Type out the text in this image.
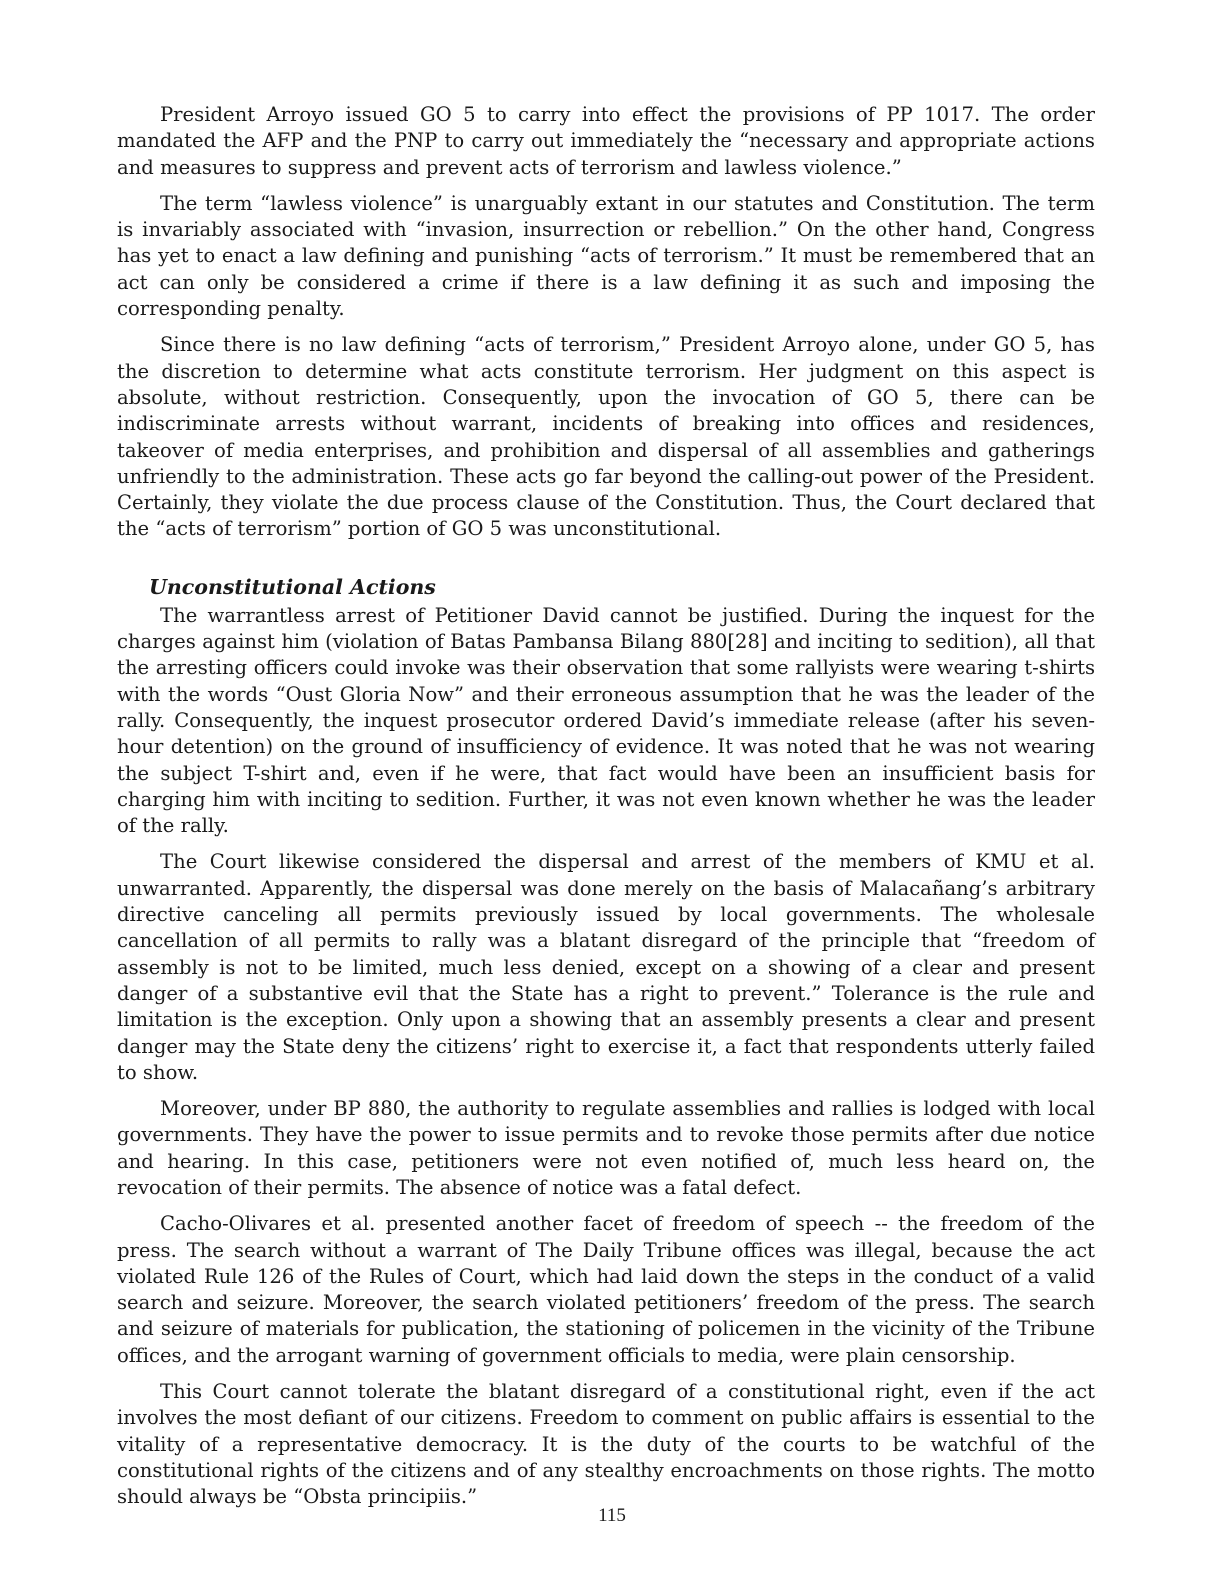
President Arroyo issued GO 5 to carry into effect the provisions of PP 1017. The order mandated the AFP and the PNP to carry out immediately the “necessary and appropriate actions and measures to suppress and prevent acts of terrorism and lawless violence.”

The term “lawless violence” is unarguably extant in our statutes and Constitution. The term is invariably associated with “invasion, insurrection or rebellion.” On the other hand, Congress has yet to enact a law defining and punishing “acts of terrorism.” It must be remembered that an act can only be considered a crime if there is a law defining it as such and imposing the corresponding penalty.

Since there is no law defining “acts of terrorism,” President Arroyo alone, under GO 5, has the discretion to determine what acts constitute terrorism. Her judgment on this aspect is absolute, without restriction. Consequently, upon the invocation of GO 5, there can be indiscriminate arrests without warrant, incidents of breaking into offices and residences, takeover of media enterprises, and prohibition and dispersal of all assemblies and gatherings unfriendly to the administration. These acts go far beyond the calling-out power of the President. Certainly, they violate the due process clause of the Constitution. Thus, the Court declared that the “acts of terrorism” portion of GO 5 was unconstitutional.

Unconstitutional Actions

The warrantless arrest of Petitioner David cannot be justified. During the inquest for the charges against him (violation of Batas Pambansa Bilang 880[28] and inciting to sedition), all that the arresting officers could invoke was their observation that some rallyists were wearing t-shirts with the words “Oust Gloria Now” and their erroneous assumption that he was the leader of the rally. Consequently, the inquest prosecutor ordered David’s immediate release (after his seven-hour detention) on the ground of insufficiency of evidence. It was noted that he was not wearing the subject T-shirt and, even if he were, that fact would have been an insufficient basis for charging him with inciting to sedition. Further, it was not even known whether he was the leader of the rally.

The Court likewise considered the dispersal and arrest of the members of KMU et al. unwarranted. Apparently, the dispersal was done merely on the basis of Malacañang’s arbitrary directive canceling all permits previously issued by local governments. The wholesale cancellation of all permits to rally was a blatant disregard of the principle that “freedom of assembly is not to be limited, much less denied, except on a showing of a clear and present danger of a substantive evil that the State has a right to prevent.” Tolerance is the rule and limitation is the exception. Only upon a showing that an assembly presents a clear and present danger may the State deny the citizens’ right to exercise it, a fact that respondents utterly failed to show.

Moreover, under BP 880, the authority to regulate assemblies and rallies is lodged with local governments. They have the power to issue permits and to revoke those permits after due notice and hearing. In this case, petitioners were not even notified of, much less heard on, the revocation of their permits. The absence of notice was a fatal defect.

Cacho-Olivares et al. presented another facet of freedom of speech -- the freedom of the press. The search without a warrant of The Daily Tribune offices was illegal, because the act violated Rule 126 of the Rules of Court, which had laid down the steps in the conduct of a valid search and seizure. Moreover, the search violated petitioners’ freedom of the press. The search and seizure of materials for publication, the stationing of policemen in the vicinity of the Tribune offices, and the arrogant warning of government officials to media, were plain censorship.

This Court cannot tolerate the blatant disregard of a constitutional right, even if the act involves the most defiant of our citizens. Freedom to comment on public affairs is essential to the vitality of a representative democracy. It is the duty of the courts to be watchful of the constitutional rights of the citizens and of any stealthy encroachments on those rights. The motto should always be “Obsta principiis.”

115
